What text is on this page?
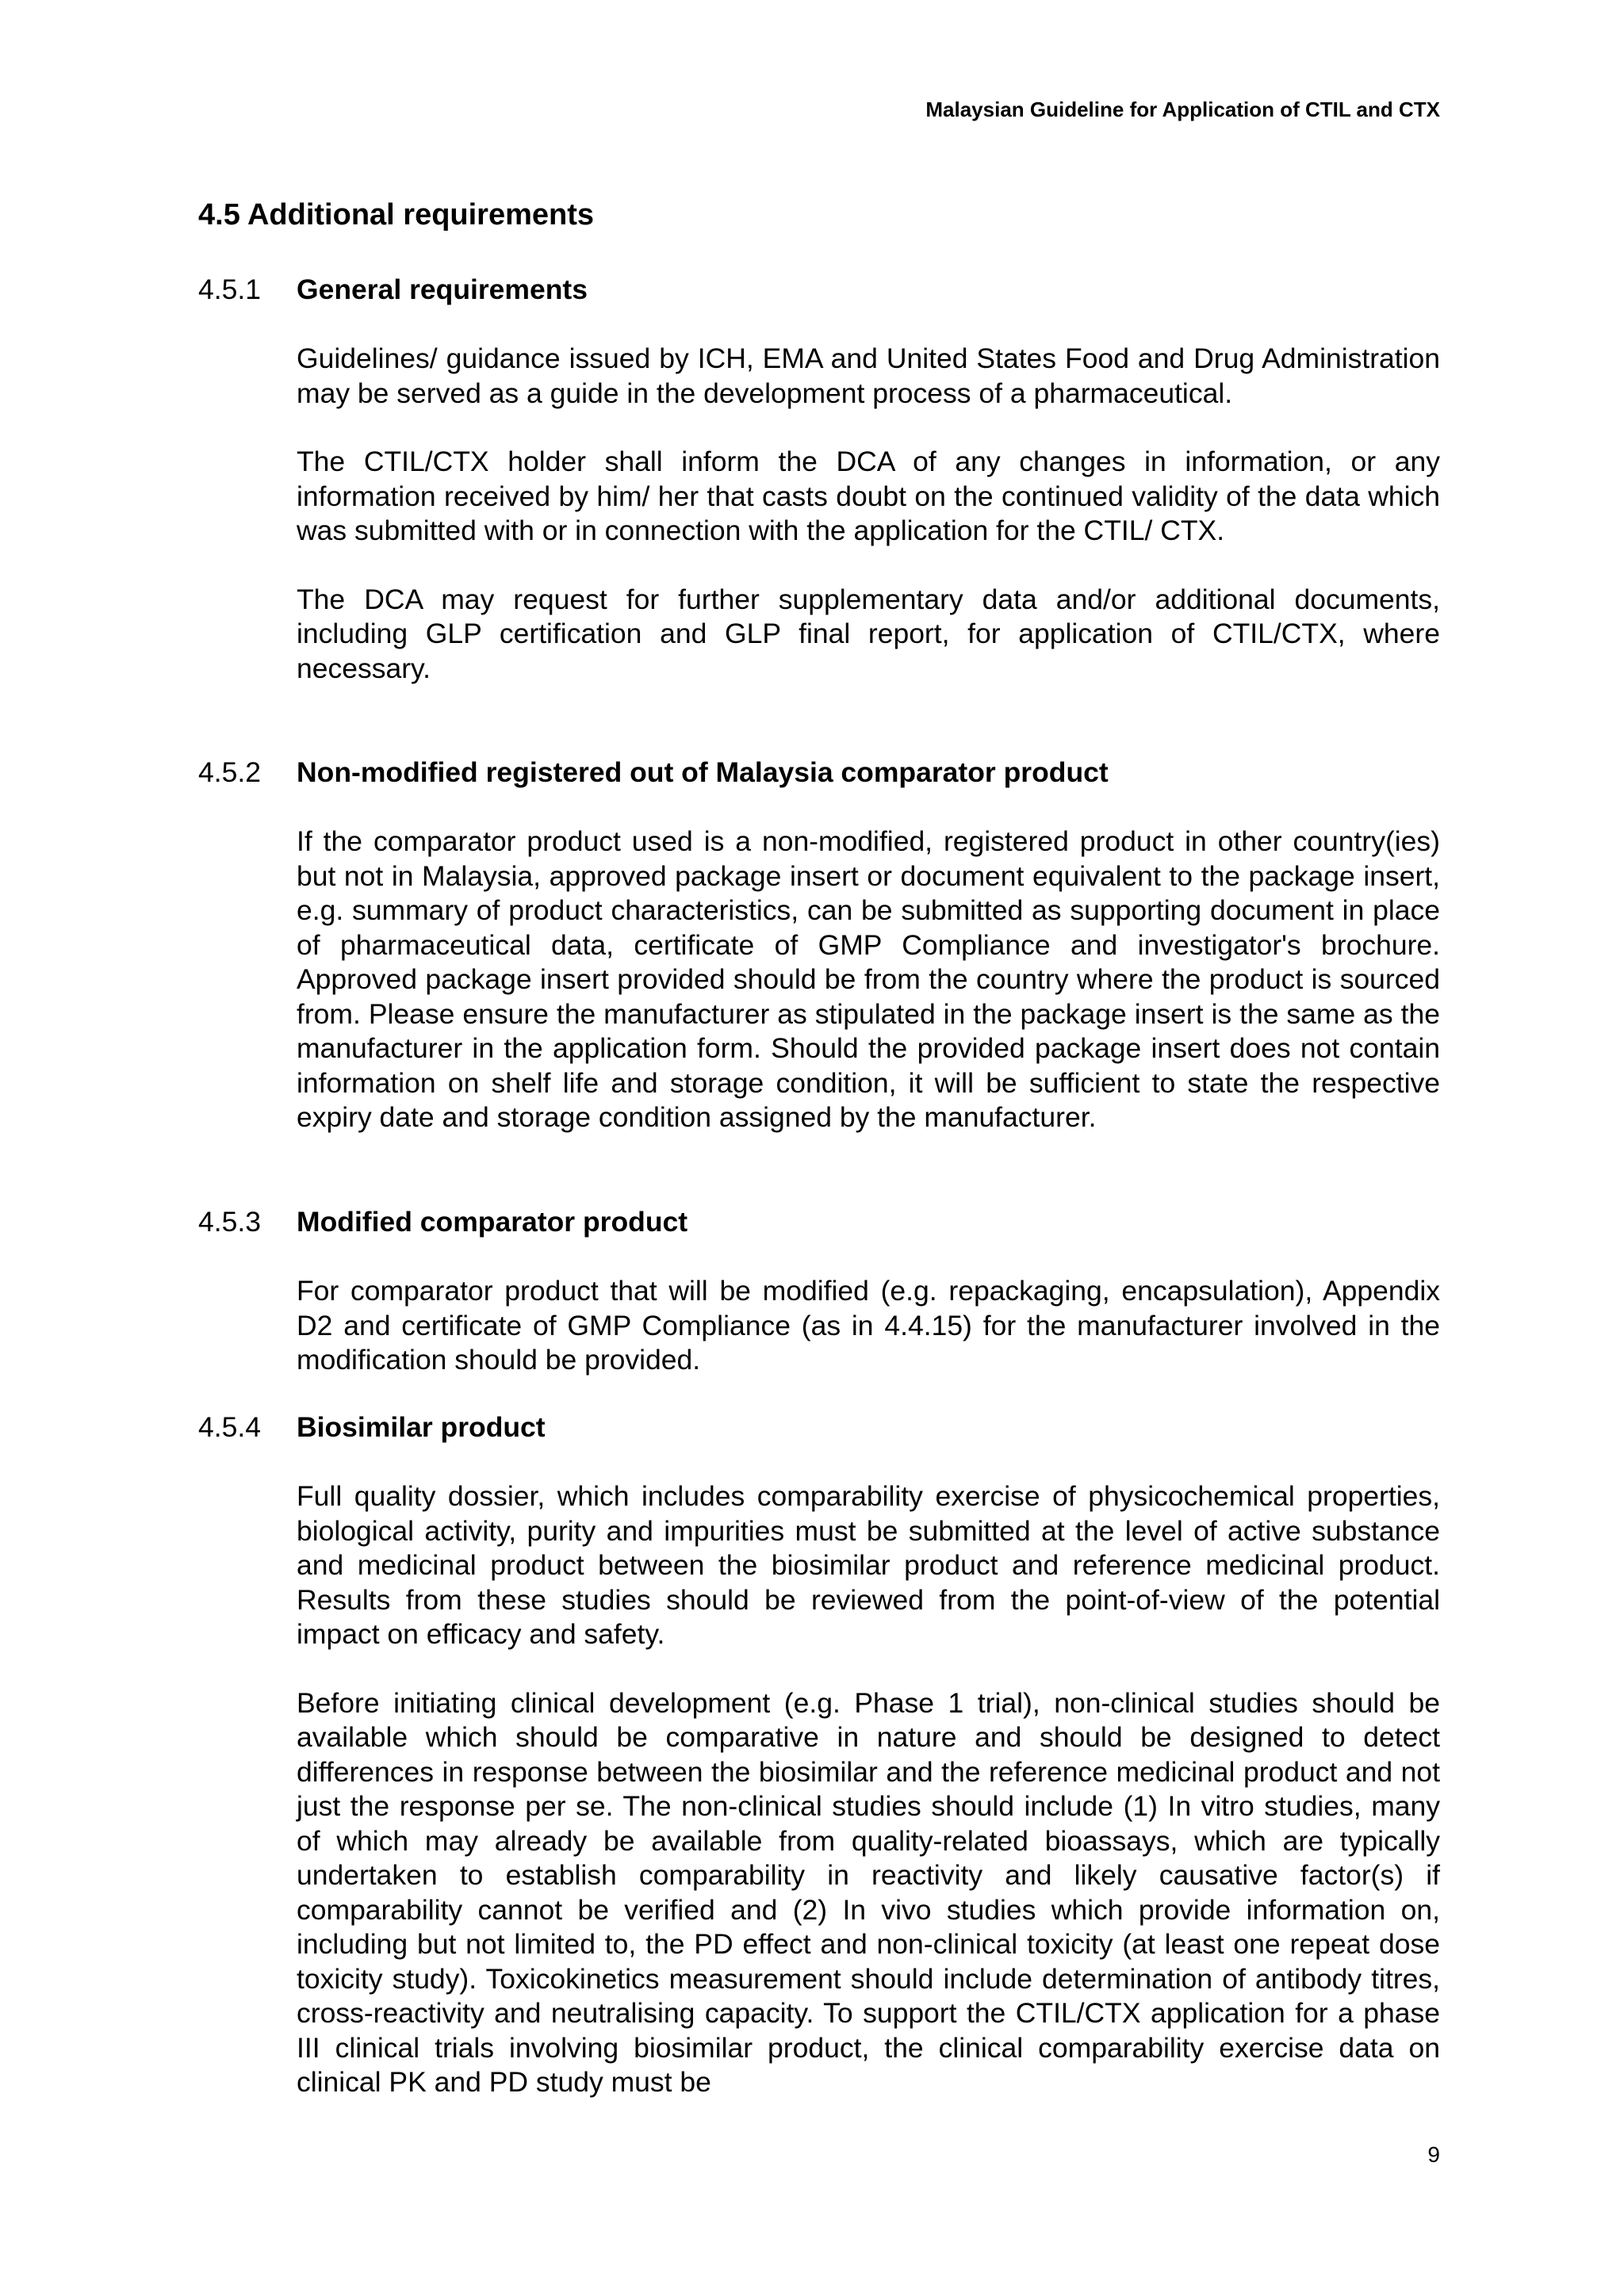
Malaysian Guideline for Application of CTIL and CTX
4.5 Additional requirements
4.5.1	General requirements

Guidelines/ guidance issued by ICH, EMA and United States Food and Drug Administration may be served as a guide in the development process of a pharmaceutical.

The CTIL/CTX holder shall inform the DCA of any changes in information, or any information received by him/ her that casts doubt on the continued validity of the data which was submitted with or in connection with the application for the CTIL/ CTX.

The DCA may request for further supplementary data and/or additional documents, including GLP certification and GLP final report, for application of CTIL/CTX, where necessary.

4.5.2	Non-modified registered out of Malaysia comparator product

If the comparator product used is a non-modified, registered product in other country(ies) but not in Malaysia, approved package insert or document equivalent to the package insert, e.g. summary of product characteristics, can be submitted as supporting document in place of pharmaceutical data, certificate of GMP Compliance and investigator's brochure. Approved package insert provided should be from the country where the product is sourced from. Please ensure the manufacturer as stipulated in the package insert is the same as the manufacturer in the application form. Should the provided package insert does not contain information on shelf life and storage condition, it will be sufficient to state the respective expiry date and storage condition assigned by the manufacturer.

4.5.3	Modified comparator product

For comparator product that will be modified (e.g. repackaging, encapsulation), Appendix D2 and certificate of GMP Compliance (as in 4.4.15) for the manufacturer involved in the modification should be provided.

4.5.4	Biosimilar product

Full quality dossier, which includes comparability exercise of physicochemical properties, biological activity, purity and impurities must be submitted at the level of active substance and medicinal product between the biosimilar product and reference medicinal product. Results from these studies should be reviewed from the point-of-view of the potential impact on efficacy and safety.

Before initiating clinical development (e.g. Phase 1 trial), non-clinical studies should be available which should be comparative in nature and should be designed to detect differences in response between the biosimilar and the reference medicinal product and not just the response per se. The non-clinical studies should include (1) In vitro studies, many of which may already be available from quality-related bioassays, which are typically undertaken to establish comparability in reactivity and likely causative factor(s) if comparability cannot be verified and (2) In vivo studies which provide information on, including but not limited to, the PD effect and non-clinical toxicity (at least one repeat dose toxicity study). Toxicokinetics measurement should include determination of antibody titres, cross-reactivity and neutralising capacity. To support the CTIL/CTX application for a phase III clinical trials involving biosimilar product, the clinical comparability exercise data on clinical PK and PD study must be

9
